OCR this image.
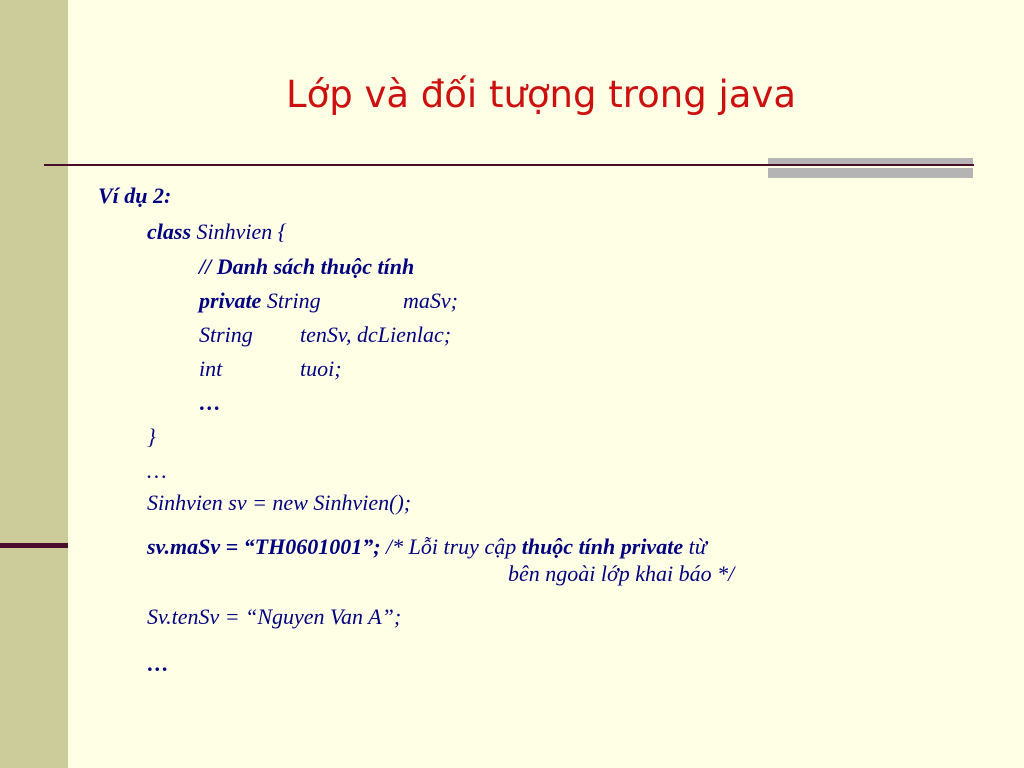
Lớp và đối tượng trong java
Ví dụ 2:
class Sinhvien {
// Danh sách thuộc tính
private String	maSv;
String tenSv, dcLienlac;
int	tuoi;
…
}
…
Sinhvien sv = new Sinhvien();
sv.maSv = “TH0601001”; /* Lỗi truy cập thuộc tính private từ
bên ngoài lớp khai báo */
Sv.tenSv = “Nguyen Van A”;
…
